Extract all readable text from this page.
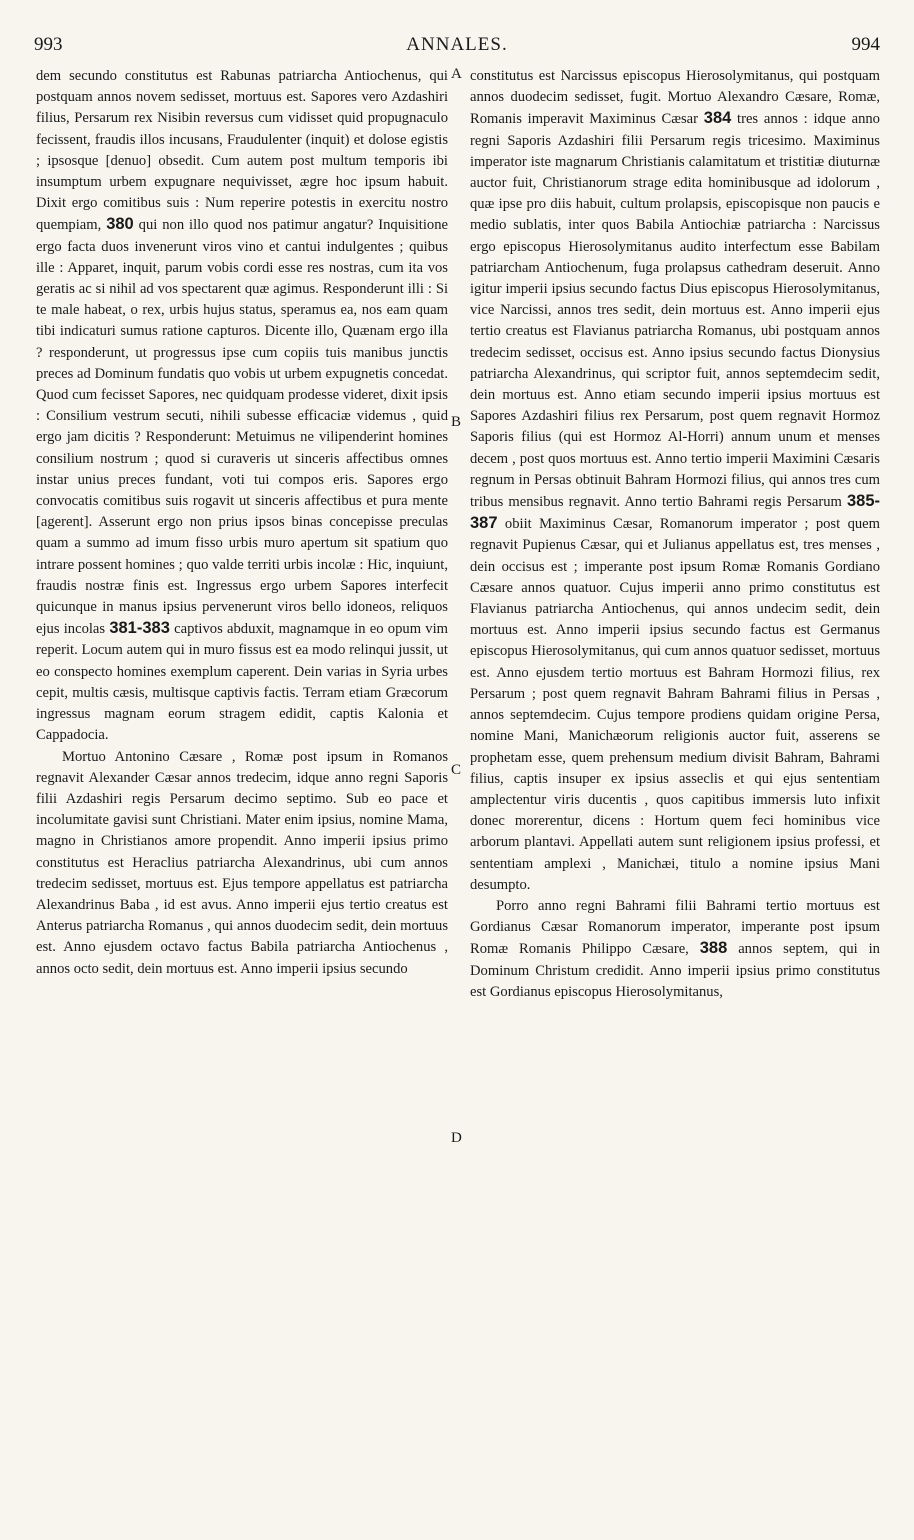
993	ANNALES.	994
A
B
C
D

dem secundo constitutus est Rabunas patriarcha Antiochenus, qui postquam annos novem sedisset, mortuus est. Sapores vero Azdashiri filius, Persarum rex Nisibin reversus cum vidisset quid propugnaculo fecissent, fraudis illos incusans, Fraudulenter (inquit) et dolose egistis ; ipsosque [denuo] obsedit. Cum autem post multum temporis ibi insumptum urbem expugnare nequivisset, ægre hoc ipsum habuit. Dixit ergo comitibus suis : Num reperire potestis in exercitu nostro quempiam, 380 qui non illo quod nos patimur angatur? Inquisitione ergo facta duos invenerunt viros vino et cantui indulgentes ; quibus ille : Apparet, inquit, parum vobis cordi esse res nostras, cum ita vos geratis ac si nihil ad vos spectarent quæ agimus. Responderunt illi : Si te male habeat, o rex, urbis hujus status, speramus ea, nos eam quam tibi indicaturi sumus ratione capturos. Dicente illo, Quænam ergo illa ? responderunt, ut progressus ipse cum copiis tuis manibus junctis preces ad Dominum fundatis quo vobis ut urbem expugnetis concedat. Quod cum fecisset Sapores, nec quidquam prodesse videret, dixit ipsis : Consilium vestrum secuti, nihili subesse efficaciæ videmus , quid ergo jam dicitis ? Responderunt: Metuimus ne vilipenderint homines consilium nostrum ; quod si curaveris ut sinceris affectibus omnes instar unius preces fundant, voti tui compos eris. Sapores ergo convocatis comitibus suis rogavit ut sinceris affectibus et pura mente [agerent]. Asserunt ergo non prius ipsos binas concepisse preculas quam a summo ad imum fisso urbis muro apertum sit spatium quo intrare possent homines ; quo valde territi urbis incolæ : Hic, inquiunt, fraudis nostræ finis est. Ingressus ergo urbem Sapores interfecit quicunque in manus ipsius pervenerunt viros bello idoneos, reliquos ejus incolas 381-383 captivos abduxit, magnamque in eo opum vim reperit. Locum autem qui in muro fissus est ea modo relinqui jussit, ut eo conspecto homines exemplum caperent. Dein varias in Syria urbes cepit, multis cæsis, multisque captivis factis. Terram etiam Græcorum ingressus magnam eorum stragem edidit, captis Kalonia et Cappadocia.

Mortuo Antonino Cæsare , Romæ post ipsum in Romanos regnavit Alexander Cæsar annos tredecim, idque anno regni Saporis filii Azdashiri regis Persarum decimo septimo. Sub eo pace et incolumitate gavisi sunt Christiani. Mater enim ipsius, nomine Mama, magno in Christianos amore propendit. Anno imperii ipsius primo constitutus est Heraclius patriarcha Alexandrinus, ubi cum annos tredecim sedisset, mortuus est. Ejus tempore appellatus est patriarcha Alexandrinus Baba , id est avus. Anno imperii ejus tertio creatus est Anterus patriarcha Romanus , qui annos duodecim sedit, dein mortuus est. Anno ejusdem octavo factus Babila patriarcha Antiochenus , annos octo sedit, dein mortuus est. Anno imperii ipsius secundo

constitutus est Narcissus episcopus Hierosolymitanus, qui postquam annos duodecim sedisset, fugit. Mortuo Alexandro Cæsare, Romæ, Romanis imperavit Maximinus Cæsar 384 tres annos : idque anno regni Saporis Azdashiri filii Persarum regis tricesimo. Maximinus imperator iste magnarum Christianis calamitatum et tristitiæ diuturnæ auctor fuit, Christianorum strage edita hominibusque ad idolorum , quæ ipse pro diis habuit, cultum prolapsis, episcopisque non paucis e medio sublatis, inter quos Babila Antiochiæ patriarcha : Narcissus ergo episcopus Hierosolymitanus audito interfectum esse Babilam patriarcham Antiochenum, fuga prolapsus cathedram deseruit. Anno igitur imperii ipsius secundo factus Dius episcopus Hierosolymitanus, vice Narcissi, annos tres sedit, dein mortuus est. Anno imperii ejus tertio creatus est Flavianus patriarcha Romanus, ubi postquam annos tredecim sedisset, occisus est. Anno ipsius secundo factus Dionysius patriarcha Alexandrinus, qui scriptor fuit, annos septemdecim sedit, dein mortuus est. Anno etiam secundo imperii ipsius mortuus est Sapores Azdashiri filius rex Persarum, post quem regnavit Hormoz Saporis filius (qui est Hormoz Al-Horri) annum unum et menses decem , post quos mortuus est. Anno tertio imperii Maximini Cæsaris regnum in Persas obtinuit Bahram Hormozi filius, qui annos tres cum tribus mensibus regnavit. Anno tertio Bahrami regis Persarum 385-387 obiit Maximinus Cæsar, Romanorum imperator ; post quem regnavit Pupienus Cæsar, qui et Julianus appellatus est, tres menses , dein occisus est ; imperante post ipsum Romæ Romanis Gordiano Cæsare annos quatuor. Cujus imperii anno primo constitutus est Flavianus patriarcha Antiochenus, qui annos undecim sedit, dein mortuus est. Anno imperii ipsius secundo factus est Germanus episcopus Hierosolymitanus, qui cum annos quatuor sedisset, mortuus est. Anno ejusdem tertio mortuus est Bahram Hormozi filius, rex Persarum ; post quem regnavit Bahram Bahrami filius in Persas , annos septemdecim. Cujus tempore prodiens quidam origine Persa, nomine Mani, Manichæorum religionis auctor fuit, asserens se prophetam esse, quem prehensum medium divisit Bahram, Bahrami filius, captis insuper ex ipsius asseclis et qui ejus sententiam amplectentur viris ducentis , quos capitibus immersis luto infixit donec morerentur, dicens : Hortum quem feci hominibus vice arborum plantavi. Appellati autem sunt religionem ipsius professi, et sententiam amplexi , Manichæi, titulo a nomine ipsius Mani desumpto.

Porro anno regni Bahrami filii Bahrami tertio mortuus est Gordianus Cæsar Romanorum imperator, imperante post ipsum Romæ Romanis Philippo Cæsare, 388 annos septem, qui in Dominum Christum credidit. Anno imperii ipsius primo constitutus est Gordianus episcopus Hierosolymitanus,
